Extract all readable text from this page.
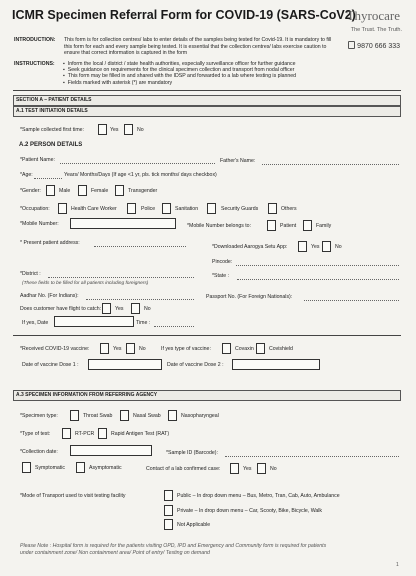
ICMR Specimen Referral Form for COVID-19 (SARS-CoV2)
Thyrocare
The Trust. The Truth.
9870 666 333
INTRODUCTION: This form is for collection centres/ labs to enter details of the samples being tested for Covid-19. It is mandatory to fill
this form for each and every sample being tested. It is essential that the collection centres/ labs exercise caution to
ensure that correct information is captured in the form
INSTRUCTIONS:
▪	Inform the local / district / state health authorities, especially surveillance officer for further guidance
▪ Seek guidance on requirements for the clinical specimen collection and transport from nodal officer
▪ This form may be filled in and shared with the IDSP and forwarded to a lab where testing is planned
▪ Fields marked with asterisk (*) are mandatory
SECTION A – PATIENT DETAILS
A.1 TEST INITIATION DETAILS
*Sample collected first time:	Yes	No
A.2 PERSON DETAILS
*Patient Name:	Father's Name:
*Age:	Years/ Months/Days (If age <1 yr, pls. tick months/ days checkbox)
*Gender:	Male	Female	Transgender
*Occupation:	Health Care Worker	Police	Sanitation	Security Guards	Others
*Mobile Number:	*Mobile Number belongs to:	Patient	Family
* Present patient address:
*Downloaded Aarogya Setu App:	Yes	No
Pincode:
*District :	*State :
(These fields to be filled for all patients including foreigners)
Aadhar No. (For Indians):	Passport No. (For Foreign Nationals):
Does customer have flight to catch:	Yes	No
If yes, Date	Time :
*Received COVID-19 vaccine:	Yes	No	If yes type of vaccine:	Covaxin	Covishield
Date of vaccine Dose 1 :	Date of vaccine Dose 2 :
A.3 SPECIMEN INFORMATION FROM REFERRING AGENCY
*Specimen type:	Throat Swab	Nasal Swab	Nasopharyngeal
*Type of test:	RT-PCR	Rapid Antigen Test (RAT)
*Collection date:	*Sample ID (Barcode):
Symptomatic	Asymptomatic	Contact of a lab confirmed case:	Yes	No
*Mode of Transport used to visit testing facility	Public – In drop down menu – Bus, Metro, Tran, Cab, Auto, Ambulance
Private – In drop down menu – Car, Scooty, Bike, Bicycle, Walk
Not Applicable
Please Note : Hospital form is required for the patients visiting OPD, IPD and Emergency and Community form is required for patients
under containment zone/ Non containment area/ Point of entry/ Testing on demand
1
